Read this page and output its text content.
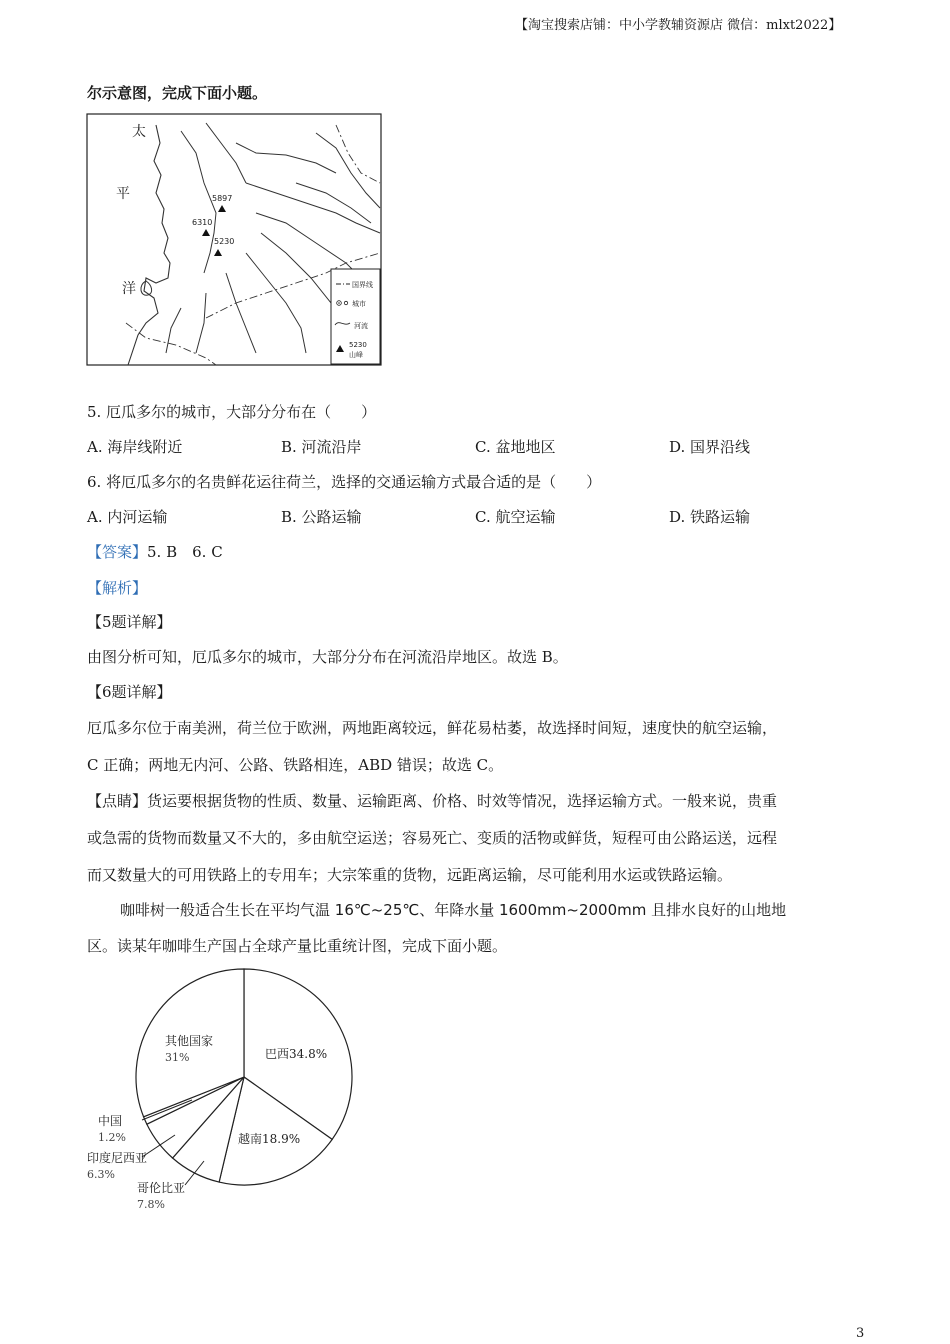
【淘宝搜索店铺：中小学教辅资源店 微信：mlxt2022】
尔示意图，完成下面小题。
太
平
洋
5897
6310
5230
国界线
城市
河流
5230
山峰
5. 厄瓜多尔的城市，大部分分布在（　　）
A. 海岸线附近	B. 河流沿岸	C. 盆地地区	D. 国界沿线
6. 将厄瓜多尔的名贵鲜花运往荷兰，选择的交通运输方式最合适的是（　　）
A. 内河运输	B. 公路运输	C. 航空运输	D. 铁路运输
【答案】5. B　6. C
【解析】
【5题详解】
由图分析可知，厄瓜多尔的城市，大部分分布在河流沿岸地区。故选 B。
【6题详解】
厄瓜多尔位于南美洲，荷兰位于欧洲，两地距离较远，鲜花易枯萎，故选择时间短，速度快的航空运输，
C 正确；两地无内河、公路、铁路相连，ABD 错误；故选 C。
【点睛】货运要根据货物的性质、数量、运输距离、价格、时效等情况，选择运输方式。一般来说，贵重
或急需的货物而数量又不大的，多由航空运送；容易死亡、变质的活物或鲜货，短程可由公路运送，远程
而又数量大的可用铁路上的专用车；大宗笨重的货物，远距离运输，尽可能利用水运或铁路运输。
咖啡树一般适合生长在平均气温 16℃~25℃、年降水量 1600mm~2000mm 且排水良好的山地地
区。读某年咖啡生产国占全球产量比重统计图，完成下面小题。
巴西34.8%
越南18.9%
其他国家
31%
中国
1.2%
印度尼西亚
6.3%
哥伦比亚
7.8%
3
